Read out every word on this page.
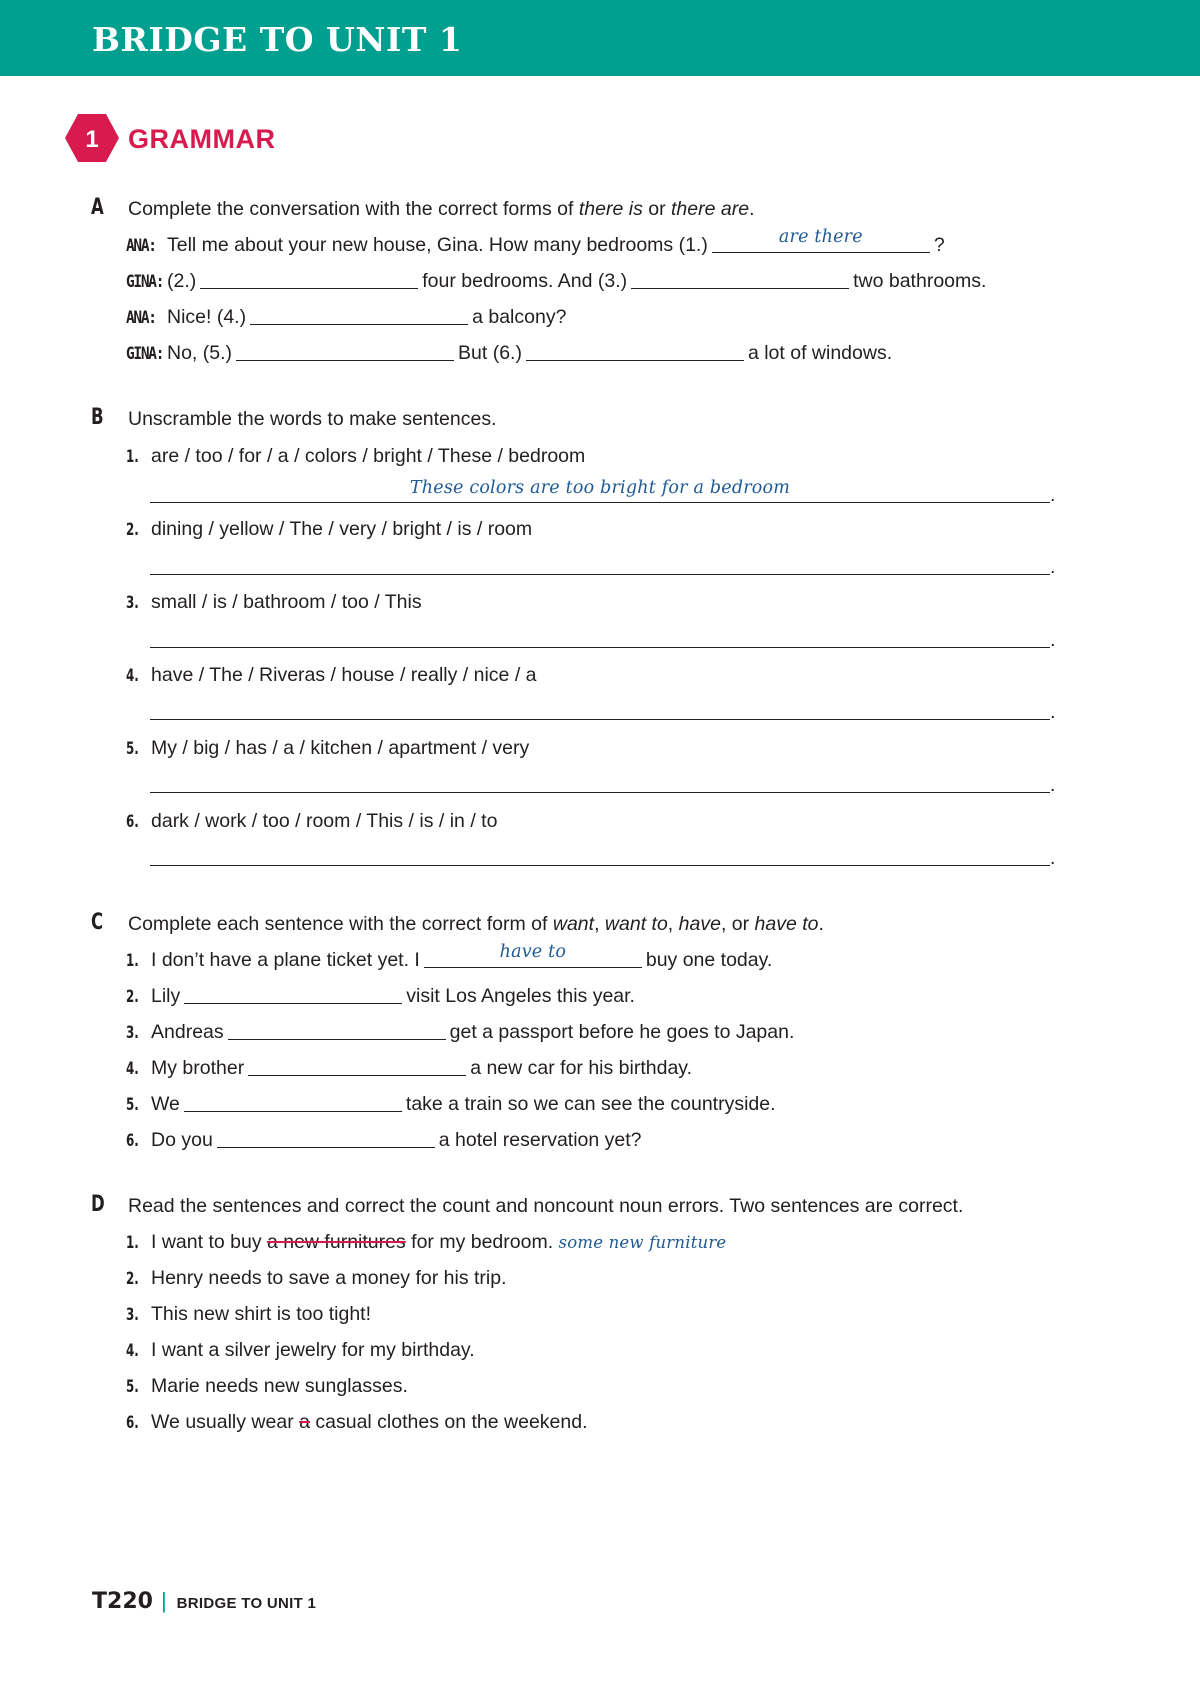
BRIDGE TO UNIT 1
1 GRAMMAR
A Complete the conversation with the correct forms of there is or there are.
ANA: Tell me about your new house, Gina. How many bedrooms (1.)	are there	?
GINA: (2.)	four bedrooms. And (3.)	two bathrooms.
ANA: Nice! (4.)	a balcony?
GINA: No, (5.)	But (6.)	a lot of windows.
B Unscramble the words to make sentences.
1. are / too / for / a / colors / bright / These / bedroom
These colors are too bright for a bedroom	.
2. dining / yellow / The / very / bright / is / room
.
3. small / is / bathroom / too / This
.
4. have / The / Riveras / house / really / nice / a
.
5. My / big / has / a / kitchen / apartment / very
.
6. dark / work / too / room / This / is / in / to
.
C Complete each sentence with the correct form of want, want to, have, or have to.
1. I don’t have a plane ticket yet. I	have to	buy one today.
2. Lily	visit Los Angeles this year.
3. Andreas	get a passport before he goes to Japan.
4. My brother	a new car for his birthday.
5. We	take a train so we can see the countryside.
6. Do you	a hotel reservation yet?
D Read the sentences and correct the count and noncount noun errors. Two sentences are correct.
1. I want to buy a new furnitures for my bedroom. some new furniture
2. Henry needs to save a money for his trip.
3. This new shirt is too tight!
4. I want a silver jewelry for my birthday.
5. Marie needs new sunglasses.
6. We usually wear a casual clothes on the weekend.
T220 | BRIDGE TO UNIT 1
